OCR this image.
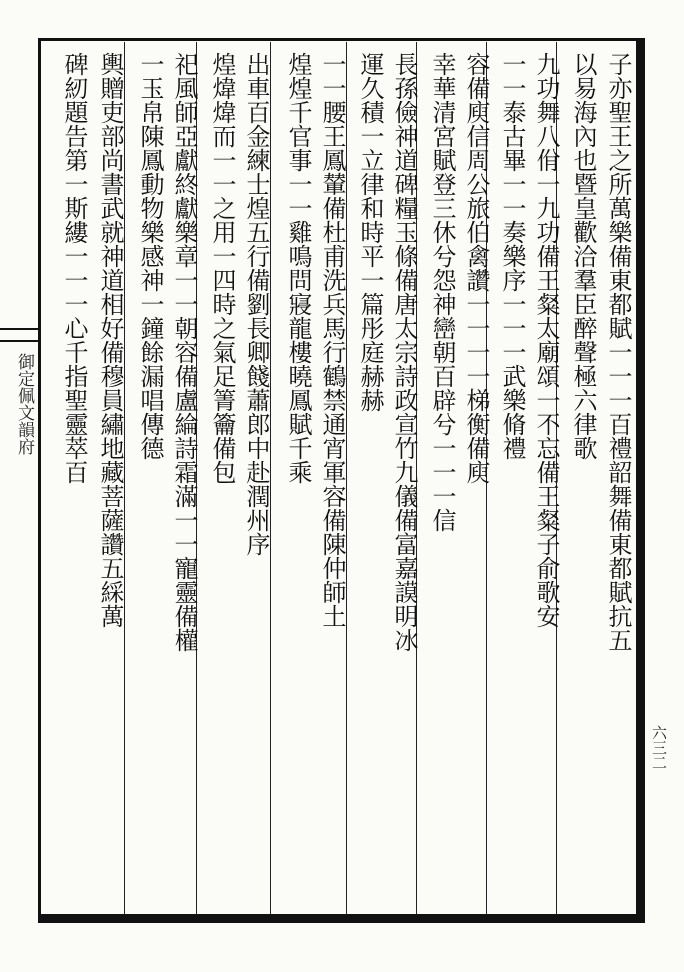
御定佩文韻府	子亦聖王之所萬樂備東都賦一一一百禮韶舞備東都賦抗五
以易海內也暨皇歡洽羣臣醉聲極六律歌
九功舞八佾一九功備王粲太廟頌一不忘備王粲子俞歌安
一一泰古畢一一奏樂序一一一武樂脩禮
容備庾信周公旅伯禽讚一一一一梯衡備庾
幸華清宮賦登三休兮怨神巒朝百辟兮一一一信
長孫儉神道碑糧玉條備唐太宗詩政宣竹九儀備富嘉謨明冰
運久積一立律和時平一篇彤庭赫赫
一一腰王鳳輦備杜甫洗兵馬行鶴禁通宵軍容備陳仲師土
煌煌千官事一一雞鳴問寢龍樓曉鳳賦千乘
出車百金練士煌五行備劉長卿餞蕭郎中赴潤州序
煌煒煒而一一之用一四時之氣足箐籥備包
祀風師亞獻終獻樂章一一朝容備盧綸詩霜滿一一寵靈備權
一玉帛陳鳳動物樂感神一鐘餘漏唱傳德
輿贈吏部尚書武就神道相好備穆員繡地藏菩薩讚五綵萬
碑紉題告第一斯縷一一一心千指聖靈萃百
六三二
